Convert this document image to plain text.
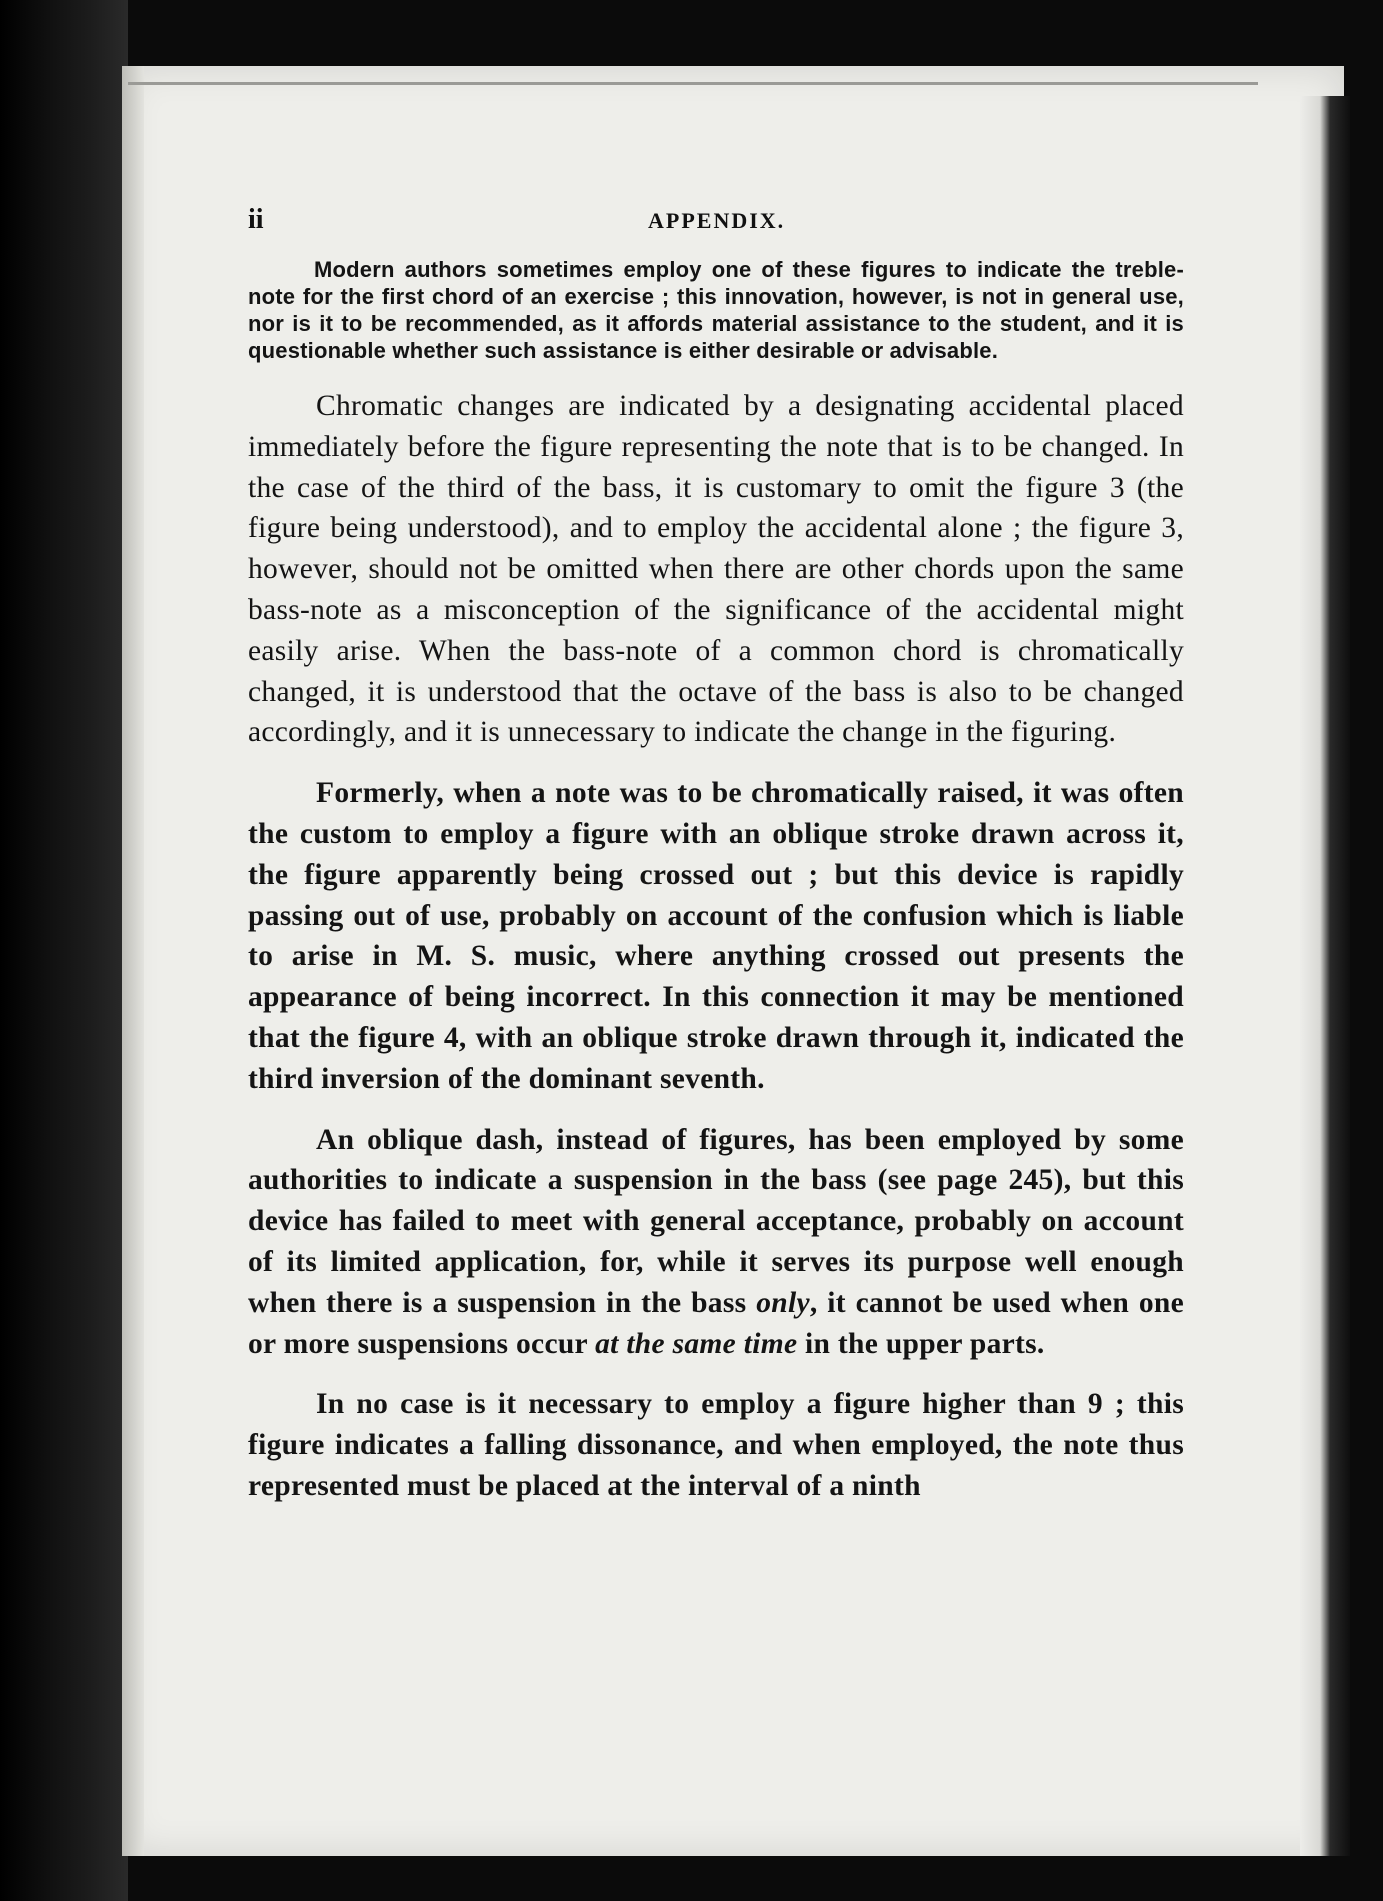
ii	APPENDIX.

Modern authors sometimes employ one of these figures to indicate the treble-note for the first chord of an exercise ; this innovation, however, is not in general use, nor is it to be recommended, as it affords material assistance to the student, and it is questionable whether such assistance is either desirable or advisable.

Chromatic changes are indicated by a designating accidental placed immediately before the figure representing the note that is to be changed. In the case of the third of the bass, it is customary to omit the figure 3 (the figure being understood), and to employ the accidental alone ; the figure 3, however, should not be omitted when there are other chords upon the same bass-note as a misconception of the significance of the accidental might easily arise. When the bass-note of a common chord is chromatically changed, it is understood that the octave of the bass is also to be changed accordingly, and it is unnecessary to indicate the change in the figuring.

Formerly, when a note was to be chromatically raised, it was often the custom to employ a figure with an oblique stroke drawn across it, the figure apparently being crossed out ; but this device is rapidly passing out of use, probably on account of the confusion which is liable to arise in M. S. music, where anything crossed out presents the appearance of being incorrect. In this connection it may be mentioned that the figure 4, with an oblique stroke drawn through it, indicated the third inversion of the dominant seventh.

An oblique dash, instead of figures, has been employed by some authorities to indicate a suspension in the bass (see page 245), but this device has failed to meet with general acceptance, probably on account of its limited application, for, while it serves its purpose well enough when there is a suspension in the bass only, it cannot be used when one or more suspensions occur at the same time in the upper parts.

In no case is it necessary to employ a figure higher than 9 ; this figure indicates a falling dissonance, and when employed, the note thus represented must be placed at the interval of a ninth
